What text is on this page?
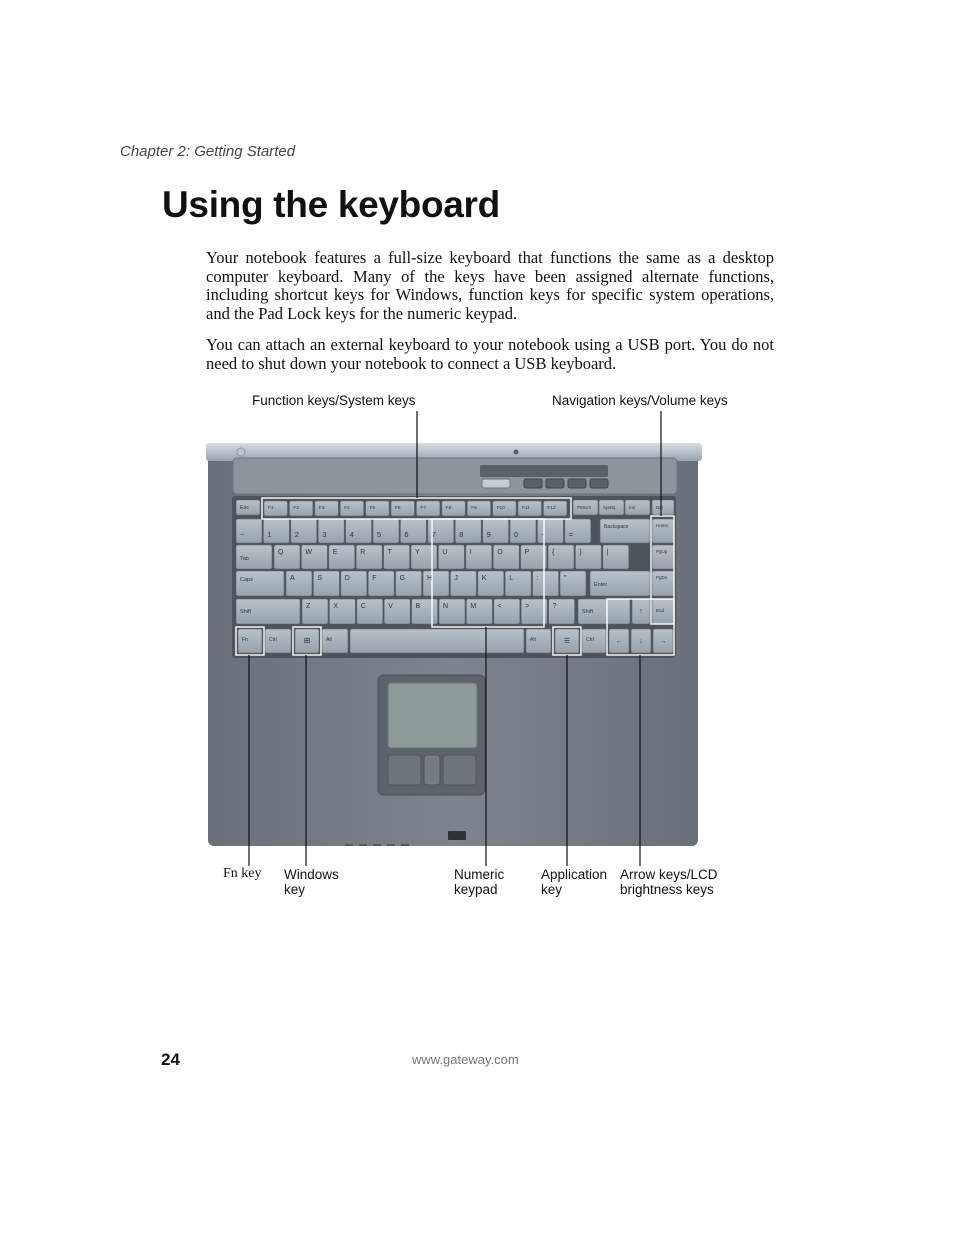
Chapter 2: Getting Started
Using the keyboard

Your notebook features a full-size keyboard that functions the same as a desktop computer keyboard. Many of the keys have been assigned alternate functions, including shortcut keys for Windows, function keys for specific system operations, and the Pad Lock keys for the numeric keypad.

You can attach an external keyboard to your notebook using a USB port. You do not need to shut down your notebook to connect a USB keyboard.

Function keys/System keys	Navigation keys/Volume keys
Fn key Windows
key
Numeric
keypad
Application
key
Arrow keys/LCD
brightness keys
Esc	F1	F2	F3	F4	F5	F6	F7	F8	F9	F10	F11	F12	PrtScrn	SysRq	Ins	Del
~	1	2	3	4	5	6	7	8	9	0	-	=
Backspace	Home
Tab
Q	W	E	R	T	Y	U	I	O	P	{	}	|	PgUp
Caps	A	S	D	F	G	H	J	K	L	:	"
Enter
PgDn
Shift
Z	X	C	V	B	N	M	<	>	?
Shift	↑	End
Fn	Ctrl	⊞	Alt	Alt	☰	Ctrl	← ↓ →
24	www.gateway.com
